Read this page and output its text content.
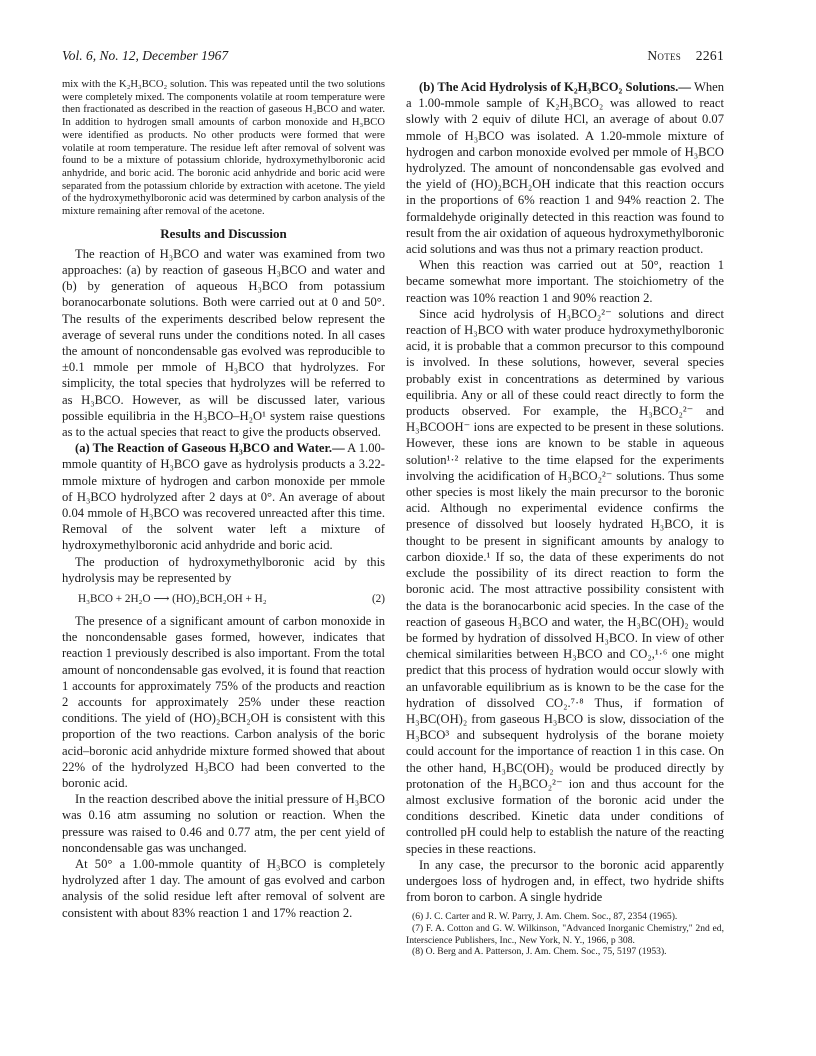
Vol. 6, No. 12, December 1967	Notes 2261

mix with the K₂H₃BCO₂ solution. This was repeated until the two solutions were completely mixed. The components volatile at room temperature were then fractionated as described in the reaction of gaseous H₃BCO and water. In addition to hydrogen small amounts of carbon monoxide and H₃BCO were identified as products. No other products were formed that were volatile at room temperature. The residue left after removal of solvent was found to be a mixture of potassium chloride, hydroxymethylboronic acid anhydride, and boric acid. The boronic acid anhydride and boric acid were separated from the potassium chloride by extraction with acetone. The yield of the hydroxymethylboronic acid was determined by carbon analysis of the mixture remaining after removal of the acetone.

Results and Discussion

The reaction of H₃BCO and water was examined from two approaches: (a) by reaction of gaseous H₃BCO and water and (b) by generation of aqueous H₃BCO from potassium boranocarbonate solutions. Both were carried out at 0 and 50°. The results of the experiments described below represent the average of several runs under the conditions noted. In all cases the amount of noncondensable gas evolved was reproducible to ±0.1 mmole per mmole of H₃BCO that hydrolyzes. For simplicity, the total species that hydrolyzes will be referred to as H₃BCO. However, as will be discussed later, various possible equilibria in the H₃BCO–H₂O¹ system raise questions as to the actual species that react to give the products observed.

(a) The Reaction of Gaseous H₃BCO and Water.— A 1.00-mmole quantity of H₃BCO gave as hydrolysis products a 3.22-mmole mixture of hydrogen and carbon monoxide per mmole of H₃BCO hydrolyzed after 2 days at 0°. An average of about 0.04 mmole of H₃BCO was recovered unreacted after this time. Removal of the solvent water left a mixture of hydroxymethylboronic acid anhydride and boric acid.

The production of hydroxymethylboronic acid by this hydrolysis may be represented by

H₃BCO + 2H₂O ⟶ (HO)₂BCH₂OH + H₂	(2)

The presence of a significant amount of carbon monoxide in the noncondensable gases formed, however, indicates that reaction 1 previously described is also important. From the total amount of noncondensable gas evolved, it is found that reaction 1 accounts for approximately 75% of the products and reaction 2 accounts for approximately 25% under these reaction conditions. The yield of (HO)₂BCH₂OH is consistent with this proportion of the two reactions. Carbon analysis of the boric acid–boronic acid anhydride mixture formed showed that about 22% of the hydrolyzed H₃BCO had been converted to the boronic acid.

In the reaction described above the initial pressure of H₃BCO was 0.16 atm assuming no solution or reaction. When the pressure was raised to 0.46 and 0.77 atm, the per cent yield of noncondensable gas was unchanged.

At 50° a 1.00-mmole quantity of H₃BCO is completely hydrolyzed after 1 day. The amount of gas evolved and carbon analysis of the solid residue left after removal of solvent are consistent with about 83% reaction 1 and 17% reaction 2.

(b) The Acid Hydrolysis of K₂H₃BCO₂ Solutions.— When a 1.00-mmole sample of K₂H₃BCO₂ was allowed to react slowly with 2 equiv of dilute HCl, an average of about 0.07 mmole of H₃BCO was isolated. A 1.20-mmole mixture of hydrogen and carbon monoxide evolved per mmole of H₃BCO hydrolyzed. The amount of noncondensable gas evolved and the yield of (HO)₂BCH₂OH indicate that this reaction occurs in the proportions of 6% reaction 1 and 94% reaction 2. The formaldehyde originally detected in this reaction was found to result from the air oxidation of aqueous hydroxymethylboronic acid solutions and was thus not a primary reaction product.

When this reaction was carried out at 50°, reaction 1 became somewhat more important. The stoichiometry of the reaction was 10% reaction 1 and 90% reaction 2.

Since acid hydrolysis of H₃BCO₂²⁻ solutions and direct reaction of H₃BCO with water produce hydroxymethylboronic acid, it is probable that a common precursor to this compound is involved. In these solutions, however, several species probably exist in concentrations as determined by various equilibria. Any or all of these could react directly to form the products observed. For example, the H₃BCO₂²⁻ and H₃BCOOH⁻ ions are expected to be present in these solutions. However, these ions are known to be stable in aqueous solution¹·² relative to the time elapsed for the experiments involving the acidification of H₃BCO₂²⁻ solutions. Thus some other species is most likely the main precursor to the boronic acid. Although no experimental evidence confirms the presence of dissolved but loosely hydrated H₃BCO, it is thought to be present in significant amounts by analogy to carbon dioxide.¹ If so, the data of these experiments do not exclude the possibility of its direct reaction to form the boronic acid. The most attractive possibility consistent with the data is the boranocarbonic acid species. In the case of the reaction of gaseous H₃BCO and water, the H₃BC(OH)₂ would be formed by hydration of dissolved H₃BCO. In view of other chemical similarities between H₃BCO and CO₂,¹·⁶ one might predict that this process of hydration would occur slowly with an unfavorable equilibrium as is known to be the case for the hydration of dissolved CO₂.⁷·⁸ Thus, if formation of H₃BC(OH)₂ from gaseous H₃BCO is slow, dissociation of the H₃BCO³ and subsequent hydrolysis of the borane moiety could account for the importance of reaction 1 in this case. On the other hand, H₃BC(OH)₂ would be produced directly by protonation of the H₃BCO₂²⁻ ion and thus account for the almost exclusive formation of the boronic acid under the conditions described. Kinetic data under conditions of controlled pH could help to establish the nature of the reacting species in these reactions.

In any case, the precursor to the boronic acid apparently undergoes loss of hydrogen and, in effect, two hydride shifts from boron to carbon. A single hydride

(6) J. C. Carter and R. W. Parry, J. Am. Chem. Soc., 87, 2354 (1965).

(7) F. A. Cotton and G. W. Wilkinson, "Advanced Inorganic Chemistry," 2nd ed, Interscience Publishers, Inc., New York, N. Y., 1966, p 308.

(8) O. Berg and A. Patterson, J. Am. Chem. Soc., 75, 5197 (1953).
